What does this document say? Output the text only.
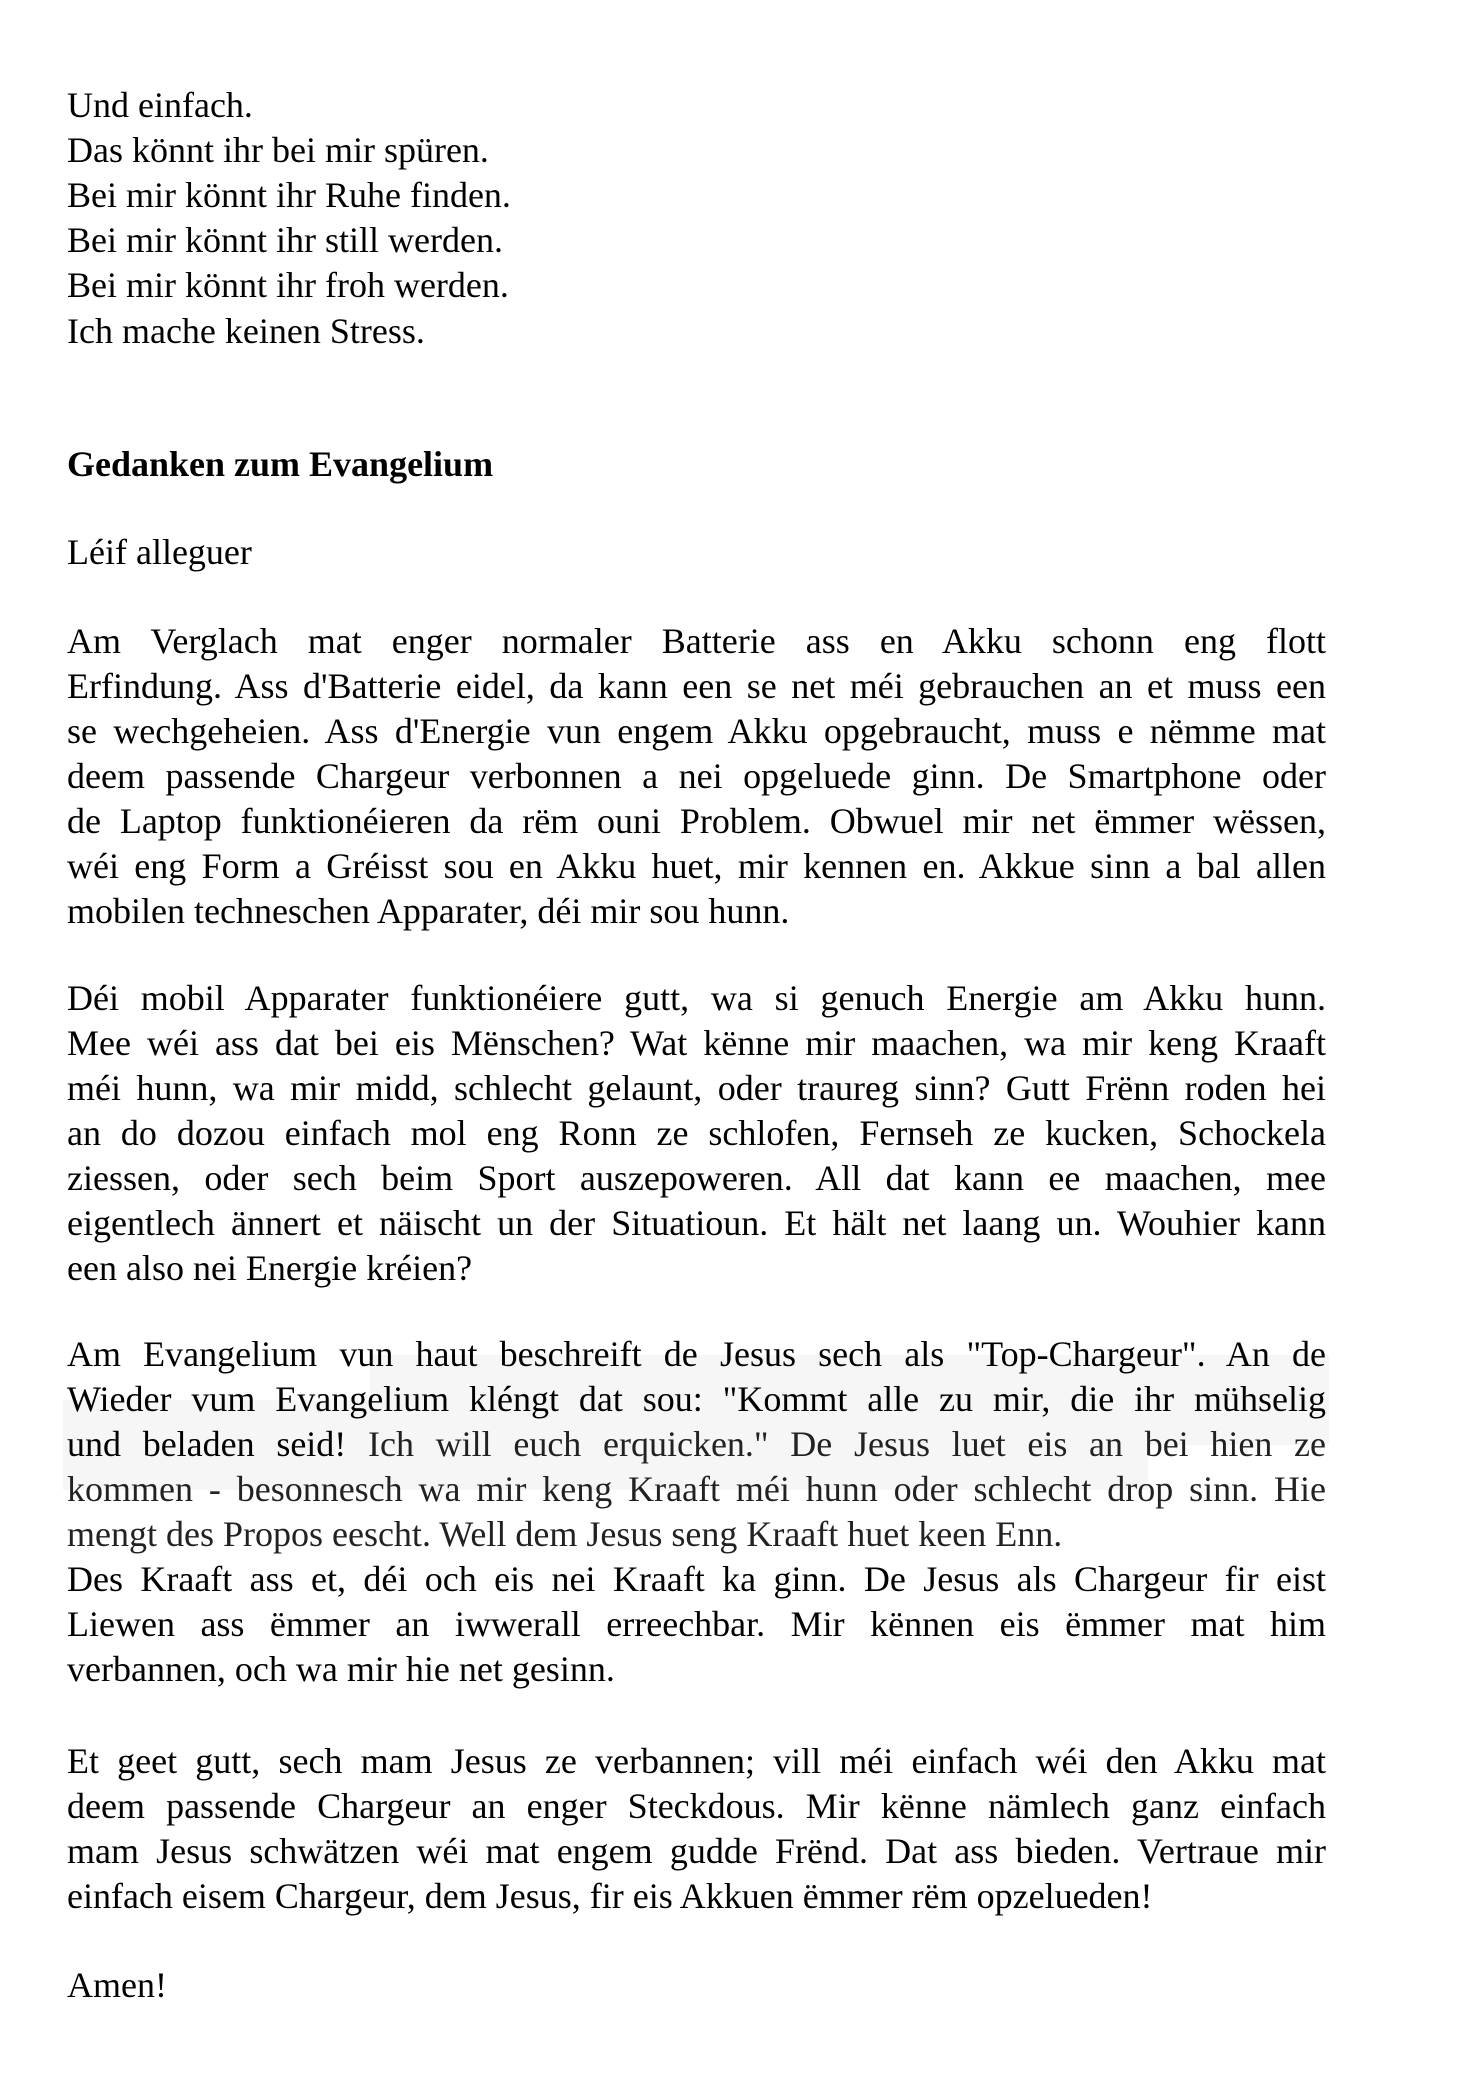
Und einfach.
Das könnt ihr bei mir spüren.
Bei mir könnt ihr Ruhe finden.
Bei mir könnt ihr still werden.
Bei mir könnt ihr froh werden.
Ich mache keinen Stress.
Gedanken zum Evangelium
Léif alleguer
Am Verglach mat enger normaler Batterie ass en Akku schonn eng flott
Erfindung. Ass d'Batterie eidel, da kann een se net méi gebrauchen an et muss een
se wechgeheien. Ass d'Energie vun engem Akku opgebraucht, muss e nëmme mat
deem passende Chargeur verbonnen a nei opgeluede ginn. De Smartphone oder
de Laptop funktionéieren da rëm ouni Problem. Obwuel mir net ëmmer wëssen,
wéi eng Form a Gréisst sou en Akku huet, mir kennen en. Akkue sinn a bal allen
mobilen techneschen Apparater, déi mir sou hunn.
Déi mobil Apparater funktionéiere gutt, wa si genuch Energie am Akku hunn.
Mee wéi ass dat bei eis Mënschen? Wat kënne mir maachen, wa mir keng Kraaft
méi hunn, wa mir midd, schlecht gelaunt, oder traureg sinn? Gutt Frënn roden hei
an do dozou einfach mol eng Ronn ze schlofen, Fernseh ze kucken, Schockela
ziessen, oder sech beim Sport auszepoweren. All dat kann ee maachen, mee
eigentlech ännert et näischt un der Situatioun. Et hält net laang un. Wouhier kann
een also nei Energie kréien?
Am Evangelium vun haut beschreift de Jesus sech als "Top-Chargeur". An de
Wieder vum Evangelium kléngt dat sou: "Kommt alle zu mir, die ihr mühselig
und beladen seid! Ich will euch erquicken." De Jesus luet eis an bei hien ze
kommen - besonnesch wa mir keng Kraaft méi hunn oder schlecht drop sinn. Hie
mengt des Propos eescht. Well dem Jesus seng Kraaft huet keen Enn.
Des Kraaft ass et, déi och eis nei Kraaft ka ginn. De Jesus als Chargeur fir eist
Liewen ass ëmmer an iwwerall erreechbar. Mir kënnen eis ëmmer mat him
verbannen, och wa mir hie net gesinn.
Et geet gutt, sech mam Jesus ze verbannen; vill méi einfach wéi den Akku mat
deem passende Chargeur an enger Steckdous. Mir kënne nämlech ganz einfach
mam Jesus schwätzen wéi mat engem gudde Frënd. Dat ass bieden. Vertraue mir
einfach eisem Chargeur, dem Jesus, fir eis Akkuen ëmmer rëm opzelueden!
Amen!
